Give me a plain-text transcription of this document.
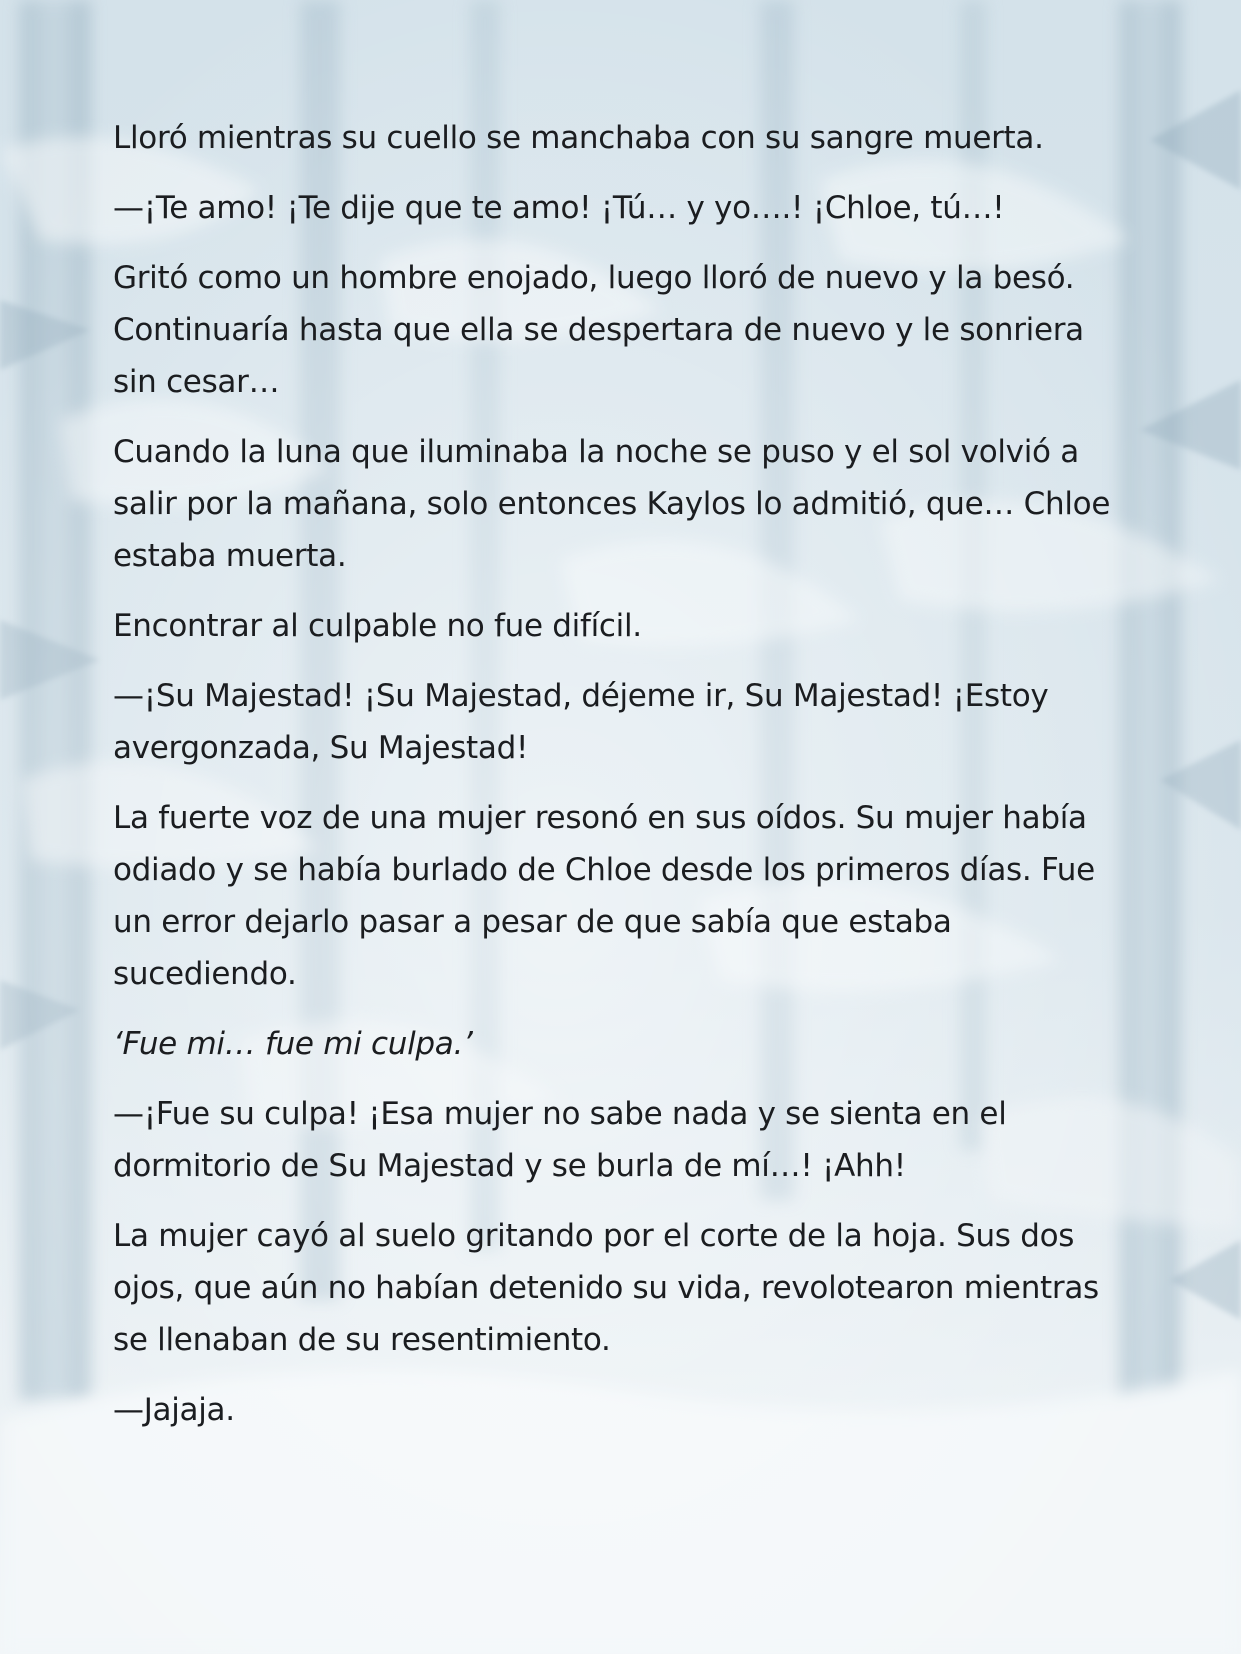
Lloró mientras su cuello se manchaba con su sangre muerta.

—¡Te amo! ¡Te dije que te amo! ¡Tú… y yo….! ¡Chloe, tú…!

Gritó como un hombre enojado, luego lloró de nuevo y la besó. Continuaría hasta que ella se despertara de nuevo y le sonriera sin cesar…

Cuando la luna que iluminaba la noche se puso y el sol volvió a salir por la mañana, solo entonces Kaylos lo admitió, que… Chloe estaba muerta.

Encontrar al culpable no fue difícil.

—¡Su Majestad! ¡Su Majestad, déjeme ir, Su Majestad! ¡Estoy avergonzada, Su Majestad!

La fuerte voz de una mujer resonó en sus oídos. Su mujer había odiado y se había burlado de Chloe desde los primeros días. Fue un error dejarlo pasar a pesar de que sabía que estaba sucediendo.

‘Fue mi… fue mi culpa.’

—¡Fue su culpa! ¡Esa mujer no sabe nada y se sienta en el dormitorio de Su Majestad y se burla de mí…! ¡Ahh!

La mujer cayó al suelo gritando por el corte de la hoja. Sus dos ojos, que aún no habían detenido su vida, revolotearon mientras se llenaban de su resentimiento.

—Jajaja.
